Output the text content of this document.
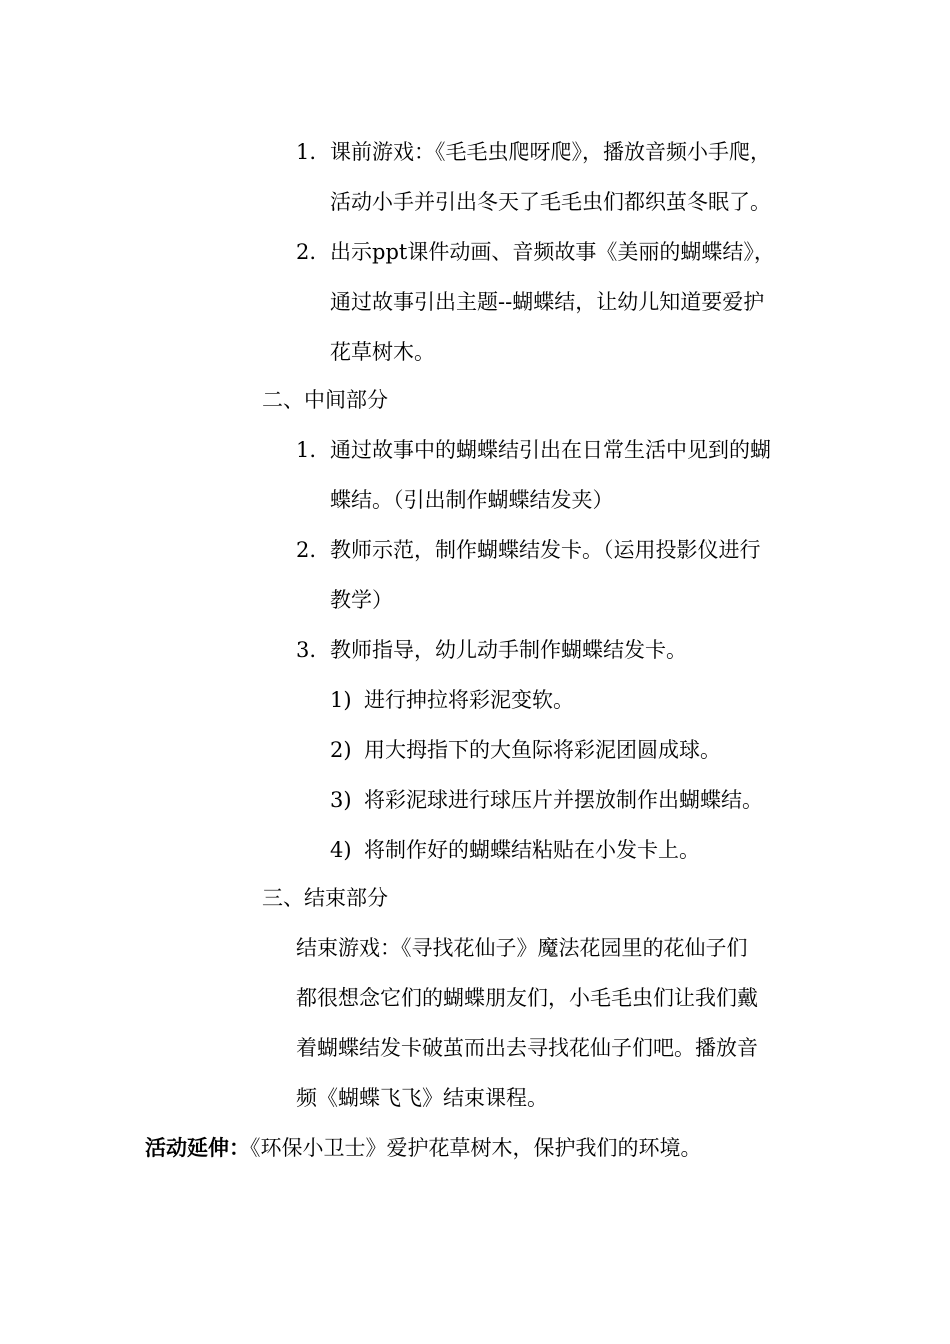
1. 课前游戏：《毛毛虫爬呀爬》，播放音频小手爬，
活动小手并引出冬天了毛毛虫们都织茧冬眠了。
2. 出示ppt课件动画、音频故事《美丽的蝴蝶结》，
通过故事引出主题--蝴蝶结，让幼儿知道要爱护
花草树木。
二、中间部分
1. 通过故事中的蝴蝶结引出在日常生活中见到的蝴
蝶结。（引出制作蝴蝶结发夹）
2. 教师示范，制作蝴蝶结发卡。（运用投影仪进行
教学）
3. 教师指导，幼儿动手制作蝴蝶结发卡。
1) 进行抻拉将彩泥变软。
2) 用大拇指下的大鱼际将彩泥团圆成球。
3) 将彩泥球进行球压片并摆放制作出蝴蝶结。
4) 将制作好的蝴蝶结粘贴在小发卡上。
三、结束部分
结束游戏：《寻找花仙子》魔法花园里的花仙子们
都很想念它们的蝴蝶朋友们，小毛毛虫们让我们戴
着蝴蝶结发卡破茧而出去寻找花仙子们吧。播放音
频《蝴蝶飞飞》结束课程。
活动延伸：《环保小卫士》爱护花草树木，保护我们的环境。
